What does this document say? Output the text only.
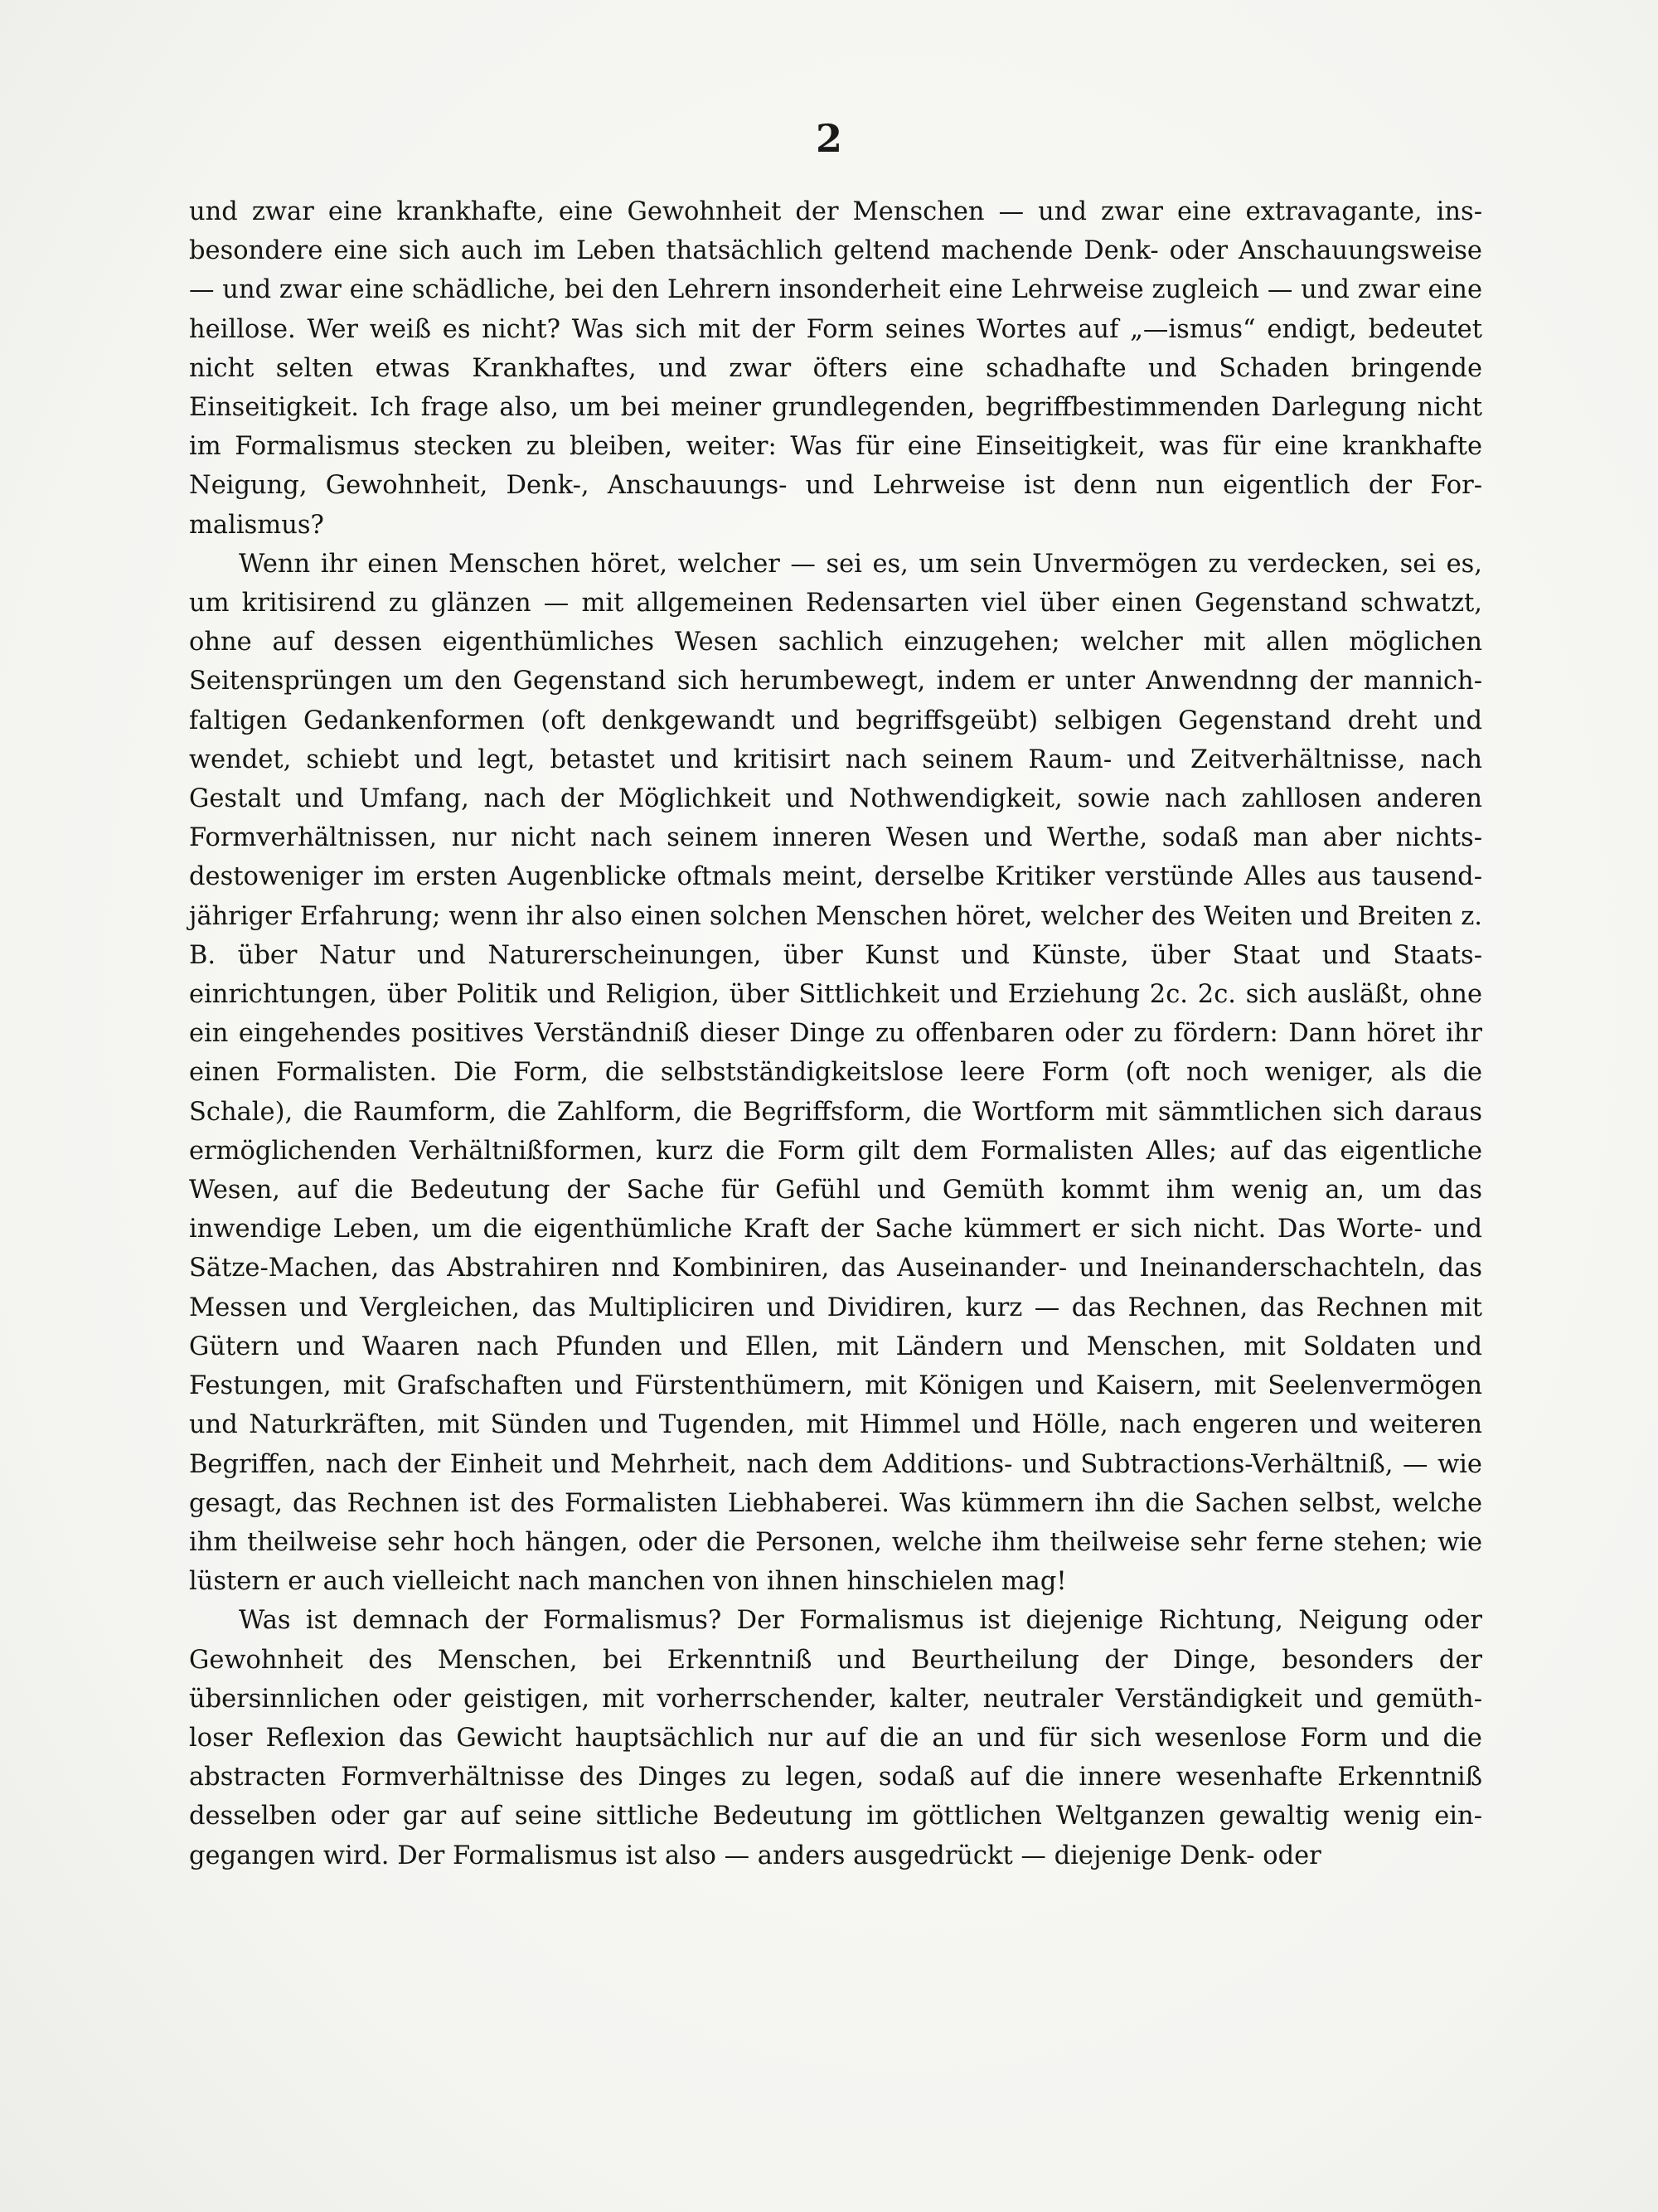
2

und zwar eine krankhafte, eine Gewohnheit der Menschen — und zwar eine extravagante, insbesondere eine sich auch im Leben thatsächlich geltend machende Denk- oder Anschauungsweise — und zwar eine schädliche, bei den Lehrern insonderheit eine Lehrweise zugleich — und zwar eine heillose. Wer weiß es nicht? Was sich mit der Form seines Wortes auf „—ismus“ endigt, bedeutet nicht selten etwas Krankhaftes, und zwar öfters eine schadhafte und Schaden bringende Einseitigkeit. Ich frage also, um bei meiner grundlegenden, begriffbestimmenden Darlegung nicht im Formalismus stecken zu bleiben, weiter: Was für eine Einseitigkeit, was für eine krankhafte Neigung, Gewohnheit, Denk-, Anschauungs- und Lehrweise ist denn nun eigentlich der Formalismus?

Wenn ihr einen Menschen höret, welcher — sei es, um sein Unvermögen zu verdecken, sei es, um kritisirend zu glänzen — mit allgemeinen Redensarten viel über einen Gegenstand schwatzt, ohne auf dessen eigenthümliches Wesen sachlich einzugehen; welcher mit allen möglichen Seitensprüngen um den Gegenstand sich herumbewegt, indem er unter Anwendnng der mannichfaltigen Gedankenformen (oft denkgewandt und begriffsgeübt) selbigen Gegenstand dreht und wendet, schiebt und legt, betastet und kritisirt nach seinem Raum- und Zeitverhältnisse, nach Gestalt und Umfang, nach der Möglichkeit und Nothwendigkeit, sowie nach zahllosen anderen Formverhältnissen, nur nicht nach seinem inneren Wesen und Werthe, sodaß man aber nichtsdestoweniger im ersten Augenblicke oftmals meint, derselbe Kritiker verstünde Alles aus tausendjähriger Erfahrung; wenn ihr also einen solchen Menschen höret, welcher des Weiten und Breiten z. B. über Natur und Naturerscheinungen, über Kunst und Künste, über Staat und Staatseinrichtungen, über Politik und Religion, über Sittlichkeit und Erziehung 2c. 2c. sich ausläßt, ohne ein eingehendes positives Verständniß dieser Dinge zu offenbaren oder zu fördern: Dann höret ihr einen Formalisten. Die Form, die selbstständigkeitslose leere Form (oft noch weniger, als die Schale), die Raumform, die Zahlform, die Begriffsform, die Wortform mit sämmtlichen sich daraus ermöglichenden Verhältnißformen, kurz die Form gilt dem Formalisten Alles; auf das eigentliche Wesen, auf die Bedeutung der Sache für Gefühl und Gemüth kommt ihm wenig an, um das inwendige Leben, um die eigenthümliche Kraft der Sache kümmert er sich nicht. Das Worte- und Sätze-Machen, das Abstrahiren nnd Kombiniren, das Auseinander- und Ineinanderschachteln, das Messen und Vergleichen, das Multipliciren und Dividiren, kurz — das Rechnen, das Rechnen mit Gütern und Waaren nach Pfunden und Ellen, mit Ländern und Menschen, mit Soldaten und Festungen, mit Grafschaften und Fürstenthümern, mit Königen und Kaisern, mit Seelenvermögen und Naturkräften, mit Sünden und Tugenden, mit Himmel und Hölle, nach engeren und weiteren Begriffen, nach der Einheit und Mehrheit, nach dem Additions- und Subtractions-Verhältniß, — wie gesagt, das Rechnen ist des Formalisten Liebhaberei. Was kümmern ihn die Sachen selbst, welche ihm theilweise sehr hoch hängen, oder die Personen, welche ihm theilweise sehr ferne stehen; wie lüstern er auch vielleicht nach manchen von ihnen hinschielen mag!

Was ist demnach der Formalismus? Der Formalismus ist diejenige Richtung, Neigung oder Gewohnheit des Menschen, bei Erkenntniß und Beurtheilung der Dinge, besonders der übersinnlichen oder geistigen, mit vorherrschender, kalter, neutraler Verständigkeit und gemüthloser Reflexion das Gewicht hauptsächlich nur auf die an und für sich wesenlose Form und die abstracten Formverhältnisse des Dinges zu legen, sodaß auf die innere wesenhafte Erkenntniß desselben oder gar auf seine sittliche Bedeutung im göttlichen Weltganzen gewaltig wenig eingegangen wird. Der Formalismus ist also — anders ausgedrückt — diejenige Denk- oder
